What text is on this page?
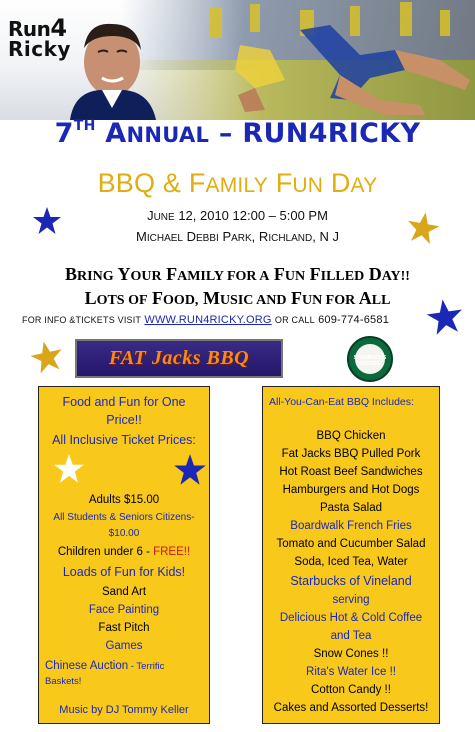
Run4
Ricky
7TH ANNUAL – RUN4RICKY
BBQ & FAMILY FUN DAY
JUNE 12, 2010 12:00 – 5:00 PM
MICHAEL DEBBI PARK, RICHLAND, N J
BRING YOUR FAMILY FOR A FUN FILLED DAY!!
LOTS OF FOOD, MUSIC AND FUN FOR ALL
FOR INFO &TICKETS VISIT WWW.RUN4RICKY.ORG OR CALL 609-774-6581
FAT Jacks BBQ	STARBUCKS COFFEE
Food and Fun for One
Price!!
All Inclusive Ticket Prices:
Adults $15.00
All Students & Seniors Citizens-
$10.00
Children under 6 - FREE!!
Loads of Fun for Kids!
Sand Art
Face Painting
Fast Pitch
Games
Chinese Auction - Terrific
Baskets!
Music by DJ Tommy Keller
All-You-Can-Eat BBQ Includes:
BBQ Chicken
Fat Jacks BBQ Pulled Pork
Hot Roast Beef Sandwiches
Hamburgers and Hot Dogs
Pasta Salad
Boardwalk French Fries
Tomato and Cucumber Salad
Soda, Iced Tea, Water
Starbucks of Vineland
serving
Delicious Hot & Cold Coffee
and Tea
Snow Cones !!
Rita's Water Ice !!
Cotton Candy !!
Cakes and Assorted Desserts!
